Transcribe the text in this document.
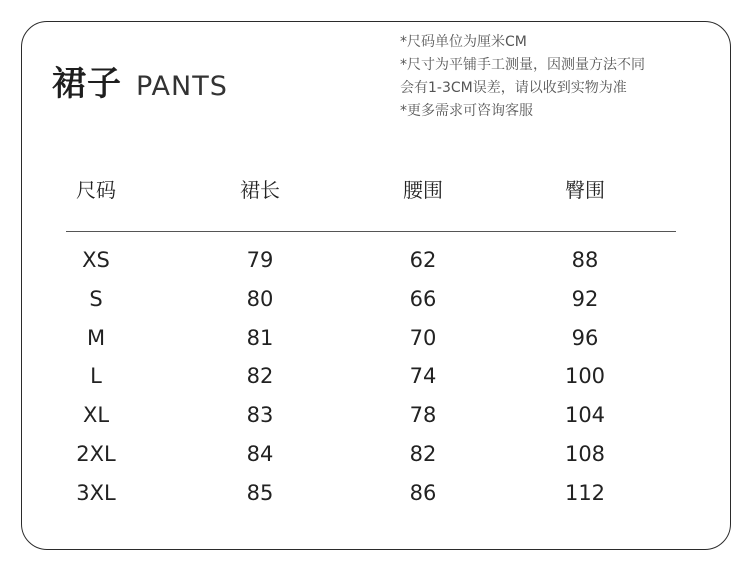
裙子 PANTS
*尺码单位为厘米CM
*尺寸为平铺手工测量，因测量方法不同
会有1-3CM误差，请以收到实物为准
*更多需求可咨询客服
尺码	裙长	腰围	臀围
XS	79	62	88
S	80	66	92
M	81	70	96
L	82	74	100
XL	83	78	104
2XL	84	82	108
3XL	85	86	112
